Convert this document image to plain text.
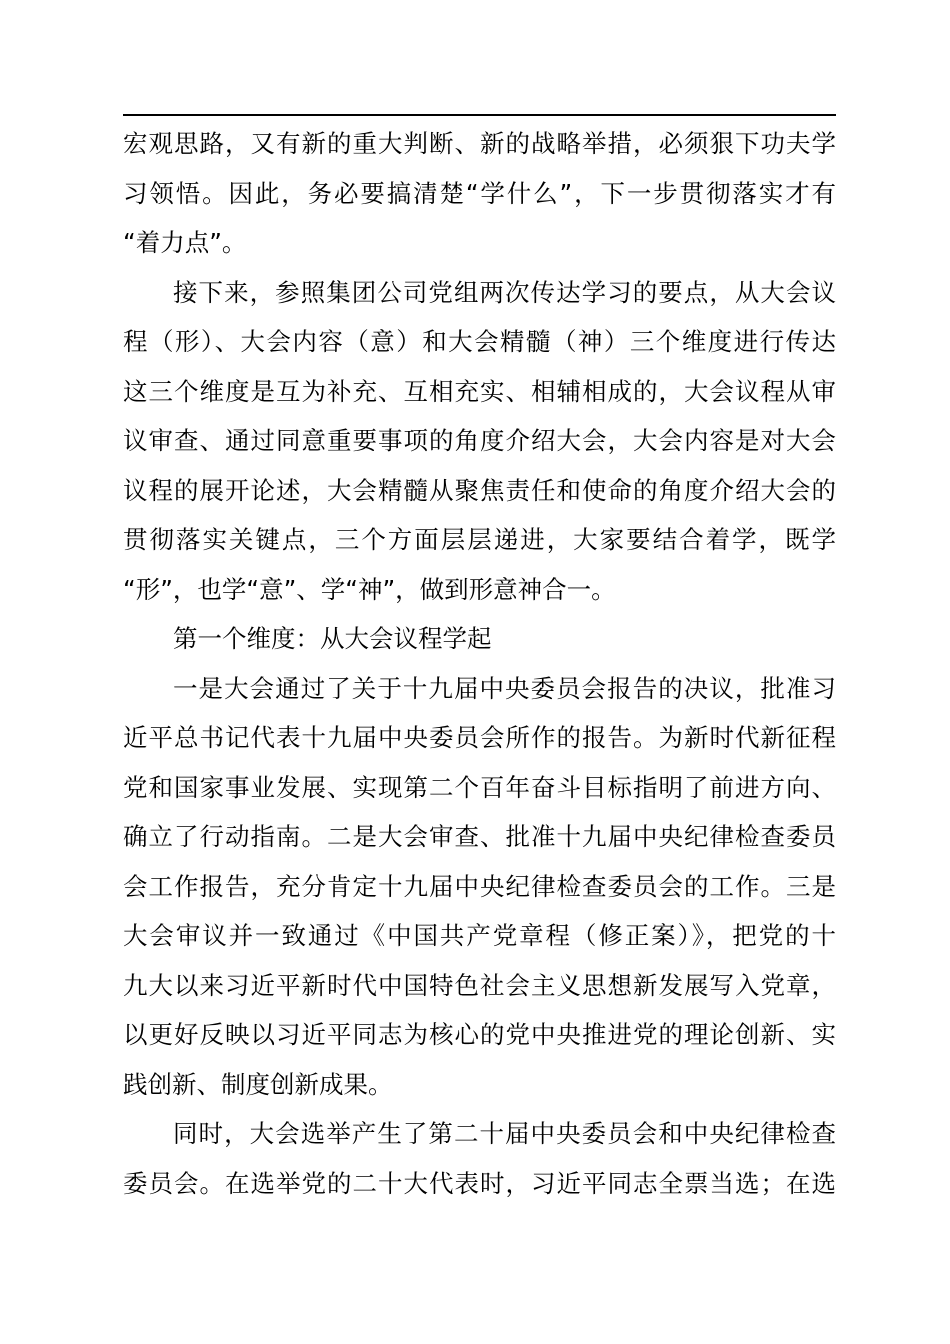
宏观思路，又有新的重大判断、新的战略举措，必须狠下功夫学
习领悟。因此，务必要搞清楚“学什么”，下一步贯彻落实才有
“着力点”。
接下来，参照集团公司党组两次传达学习的要点，从大会议
程（形）、大会内容（意）和大会精髓（神）三个维度进行传达
这三个维度是互为补充、互相充实、相辅相成的，大会议程从审
议审查、通过同意重要事项的角度介绍大会，大会内容是对大会
议程的展开论述，大会精髓从聚焦责任和使命的角度介绍大会的
贯彻落实关键点，三个方面层层递进，大家要结合着学，既学
“形”，也学“意”、学“神”，做到形意神合一。
第一个维度：从大会议程学起
一是大会通过了关于十九届中央委员会报告的决议，批准习
近平总书记代表十九届中央委员会所作的报告。为新时代新征程
党和国家事业发展、实现第二个百年奋斗目标指明了前进方向、
确立了行动指南。二是大会审查、批准十九届中央纪律检查委员
会工作报告，充分肯定十九届中央纪律检查委员会的工作。三是
大会审议并一致通过《中国共产党章程（修正案）》，把党的十
九大以来习近平新时代中国特色社会主义思想新发展写入党章，
以更好反映以习近平同志为核心的党中央推进党的理论创新、实
践创新、制度创新成果。
同时，大会选举产生了第二十届中央委员会和中央纪律检查
委员会。在选举党的二十大代表时，习近平同志全票当选；在选
